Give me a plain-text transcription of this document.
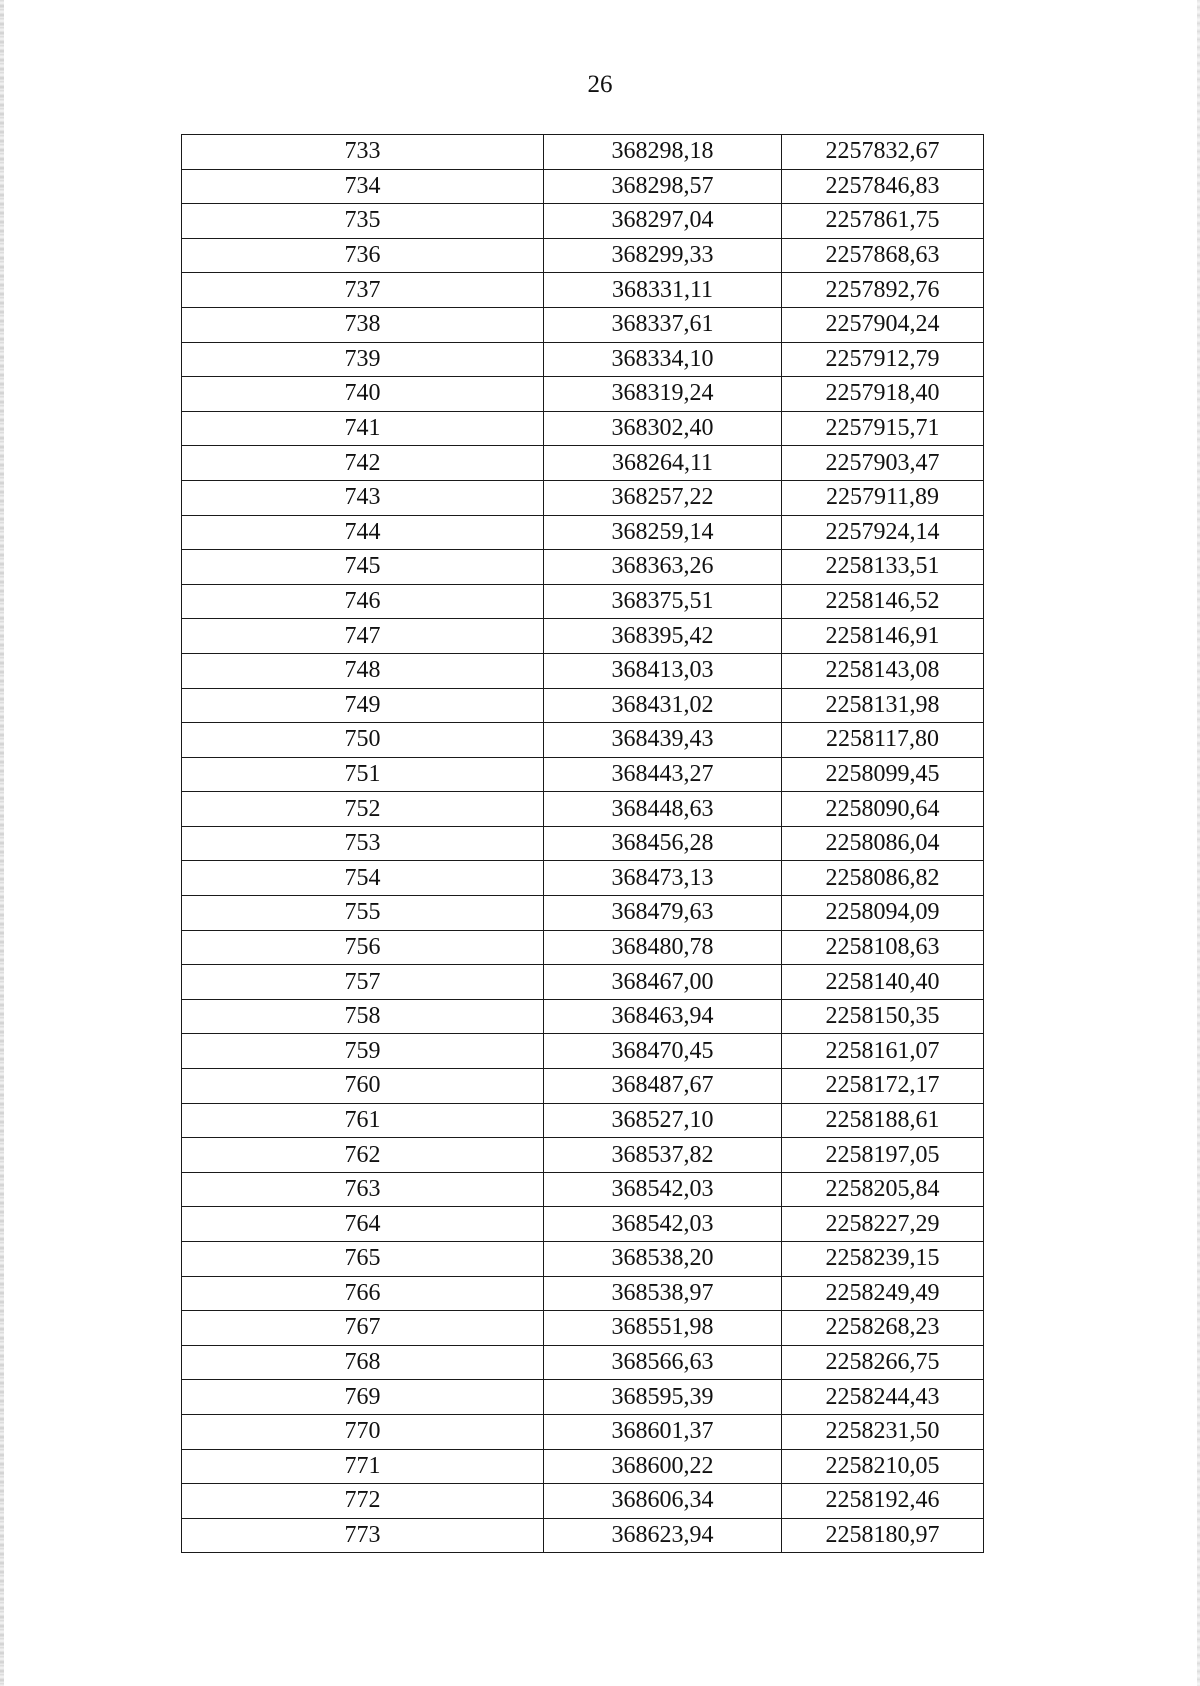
26
733	368298,18	2257832,67
734	368298,57	2257846,83
735	368297,04	2257861,75
736	368299,33	2257868,63
737	368331,11	2257892,76
738	368337,61	2257904,24
739	368334,10	2257912,79
740	368319,24	2257918,40
741	368302,40	2257915,71
742	368264,11	2257903,47
743	368257,22	2257911,89
744	368259,14	2257924,14
745	368363,26	2258133,51
746	368375,51	2258146,52
747	368395,42	2258146,91
748	368413,03	2258143,08
749	368431,02	2258131,98
750	368439,43	2258117,80
751	368443,27	2258099,45
752	368448,63	2258090,64
753	368456,28	2258086,04
754	368473,13	2258086,82
755	368479,63	2258094,09
756	368480,78	2258108,63
757	368467,00	2258140,40
758	368463,94	2258150,35
759	368470,45	2258161,07
760	368487,67	2258172,17
761	368527,10	2258188,61
762	368537,82	2258197,05
763	368542,03	2258205,84
764	368542,03	2258227,29
765	368538,20	2258239,15
766	368538,97	2258249,49
767	368551,98	2258268,23
768	368566,63	2258266,75
769	368595,39	2258244,43
770	368601,37	2258231,50
771	368600,22	2258210,05
772	368606,34	2258192,46
773	368623,94	2258180,97
